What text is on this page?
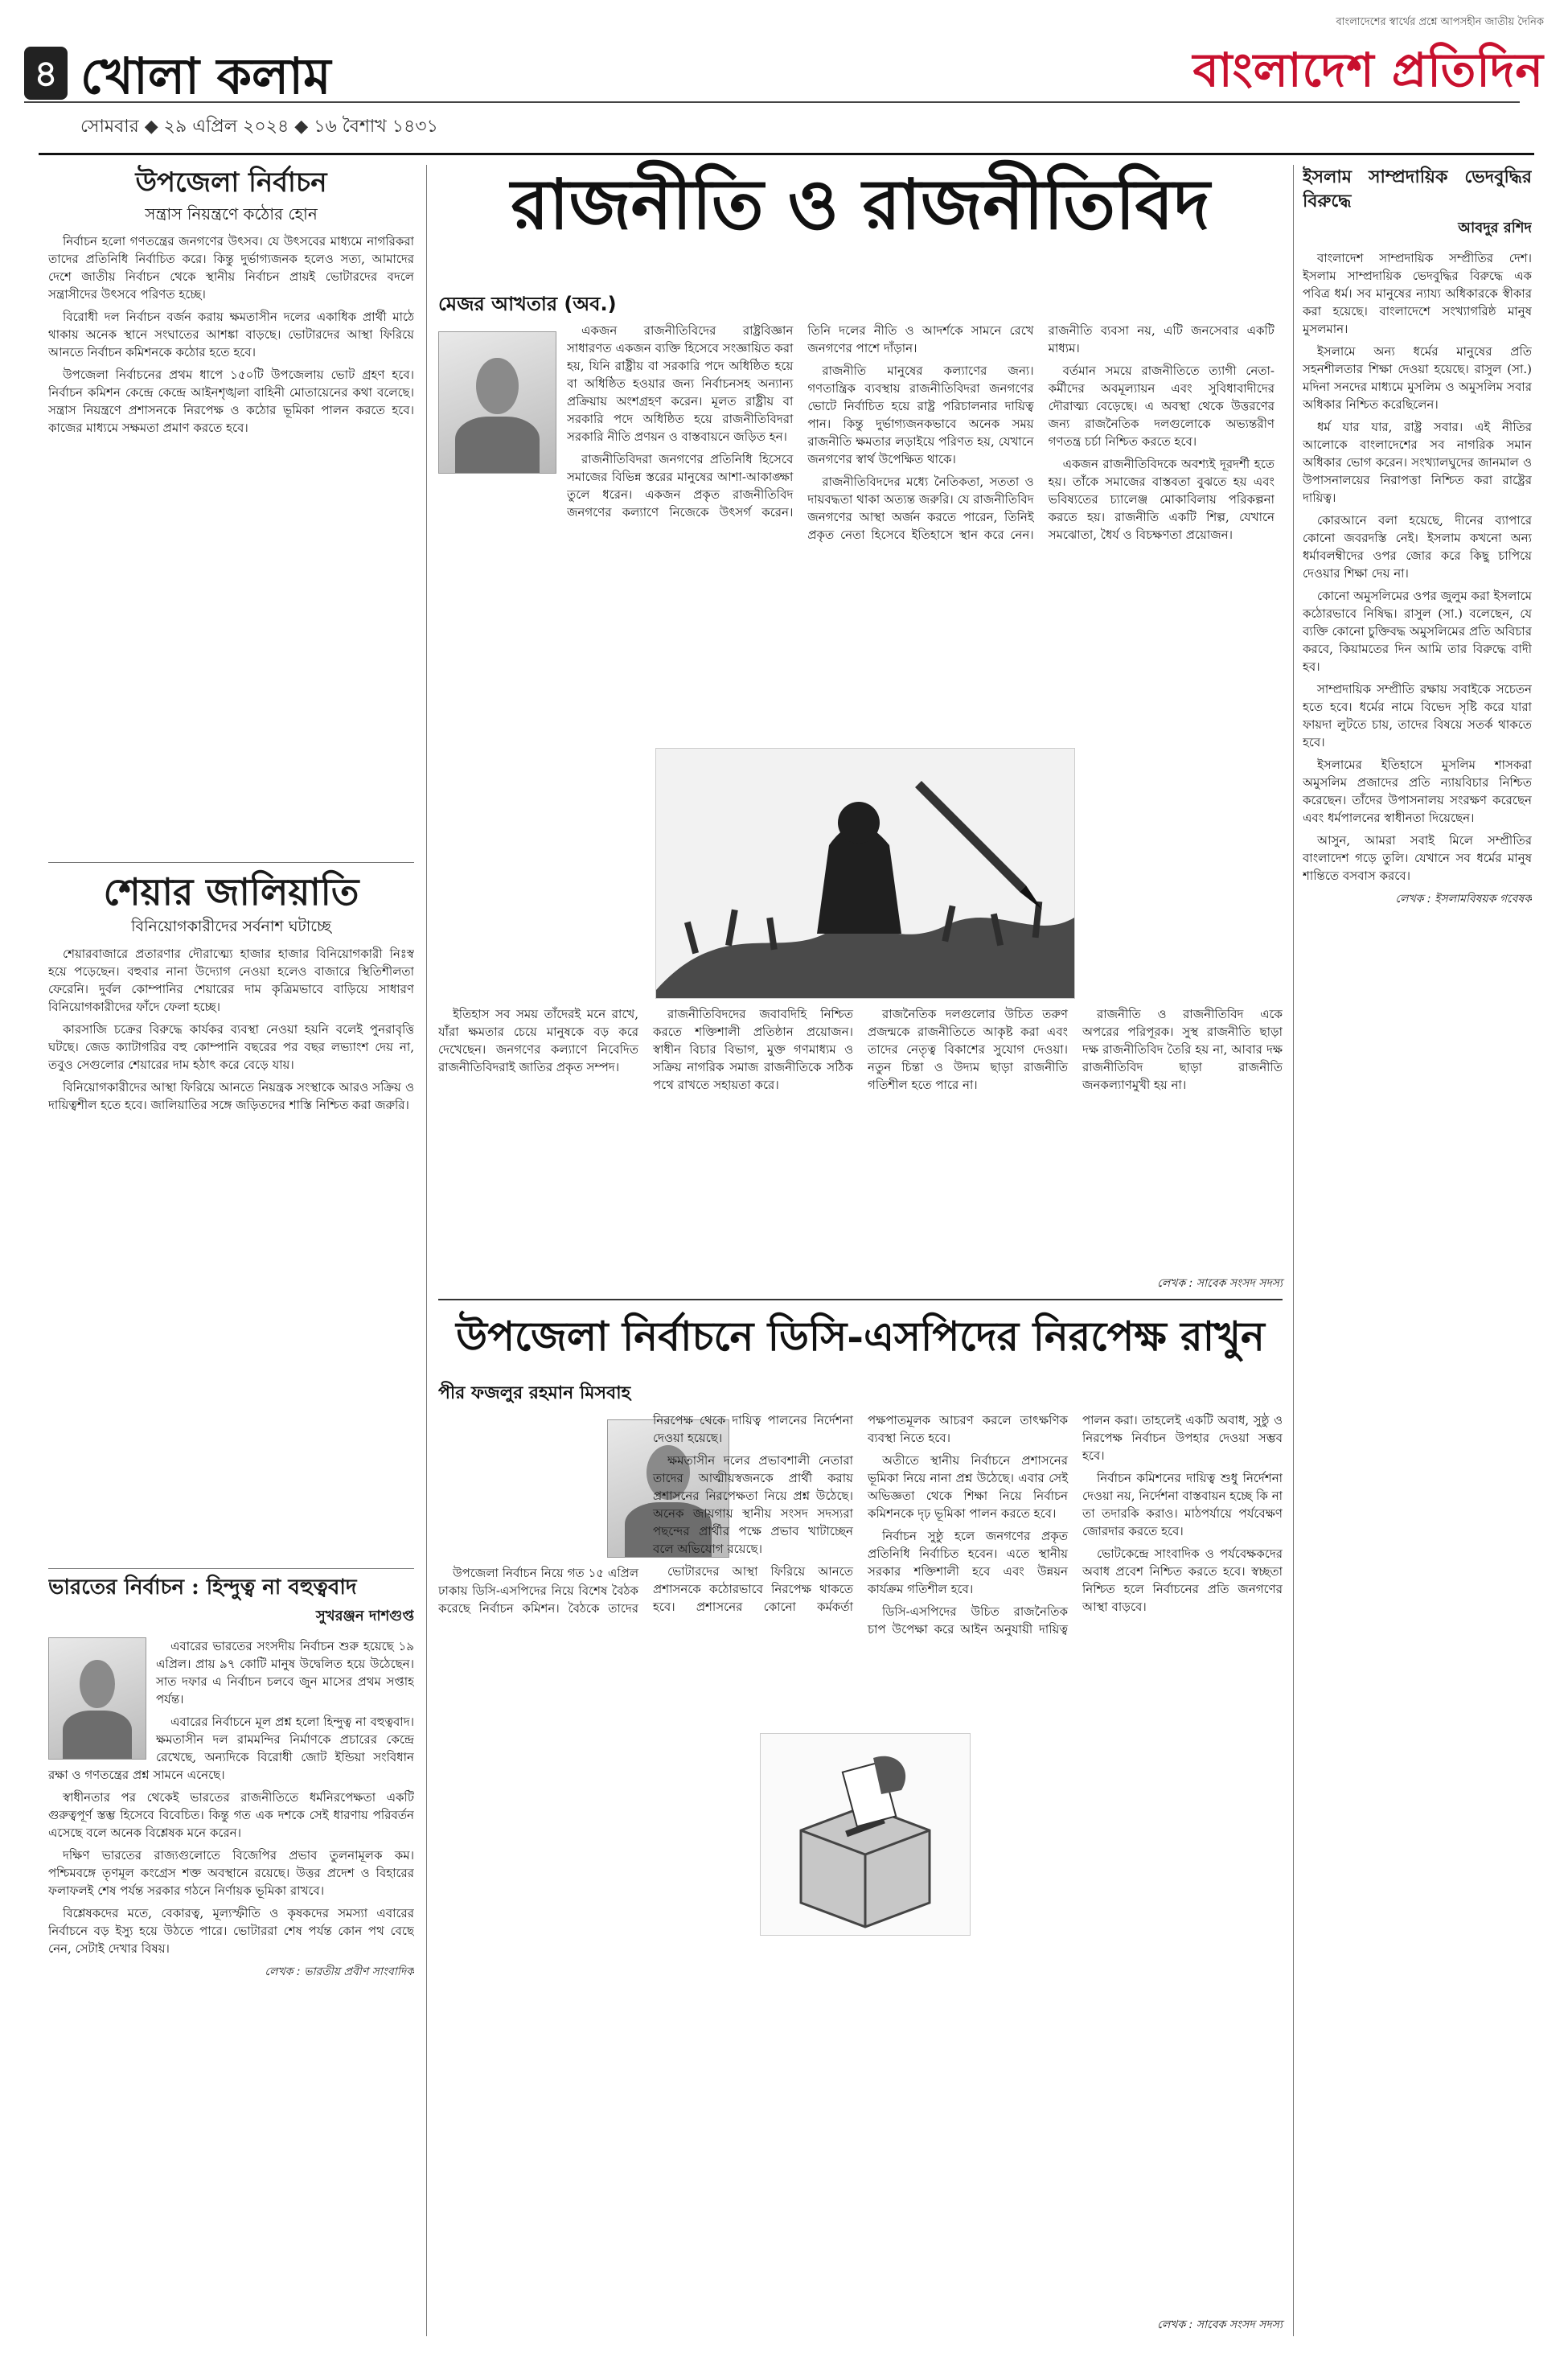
৪ খোলা কলাম
সোমবার ◆ ২৯ এপ্রিল ২০২৪ ◆ ১৬ বৈশাখ ১৪৩১
বাংলাদেশের স্বার্থের প্রশ্নে আপসহীন জাতীয় দৈনিক
বাংলাদেশ প্রতিদিন
উপজেলা নির্বাচন
সন্ত্রাস নিয়ন্ত্রণে কঠোর হোন

নির্বাচন হলো গণতন্ত্রের জনগণের উৎসব। যে উৎসবের মাধ্যমে নাগরিকরা তাদের প্রতিনিধি নির্বাচিত করে। কিন্তু দুর্ভাগ্যজনক হলেও সত্য, আমাদের দেশে জাতীয় নির্বাচন থেকে স্থানীয় নির্বাচন প্রায়ই ভোটারদের বদলে সন্ত্রাসীদের উৎসবে পরিণত হচ্ছে।

বিরোধী দল নির্বাচন বর্জন করায় ক্ষমতাসীন দলের একাধিক প্রার্থী মাঠে থাকায় অনেক স্থানে সংঘাতের আশঙ্কা বাড়ছে। ভোটারদের আস্থা ফিরিয়ে আনতে নির্বাচন কমিশনকে কঠোর হতে হবে।

উপজেলা নির্বাচনের প্রথম ধাপে ১৫০টি উপজেলায় ভোট গ্রহণ হবে। নির্বাচন কমিশন কেন্দ্রে কেন্দ্রে আইনশৃঙ্খলা বাহিনী মোতায়েনের কথা বলেছে। সন্ত্রাস নিয়ন্ত্রণে প্রশাসনকে নিরপেক্ষ ও কঠোর ভূমিকা পালন করতে হবে। কাজের মাধ্যমে সক্ষমতা প্রমাণ করতে হবে।

শেয়ার জালিয়াতি
বিনিয়োগকারীদের সর্বনাশ ঘটাচ্ছে

শেয়ারবাজারে প্রতারণার দৌরাত্ম্যে হাজার হাজার বিনিয়োগকারী নিঃস্ব হয়ে পড়েছেন। বহুবার নানা উদ্যোগ নেওয়া হলেও বাজারে স্থিতিশীলতা ফেরেনি। দুর্বল কোম্পানির শেয়ারের দাম কৃত্রিমভাবে বাড়িয়ে সাধারণ বিনিয়োগকারীদের ফাঁদে ফেলা হচ্ছে।

কারসাজি চক্রের বিরুদ্ধে কার্যকর ব্যবস্থা নেওয়া হয়নি বলেই পুনরাবৃত্তি ঘটছে। জেড ক্যাটাগরির বহু কোম্পানি বছরের পর বছর লভ্যাংশ দেয় না, তবুও সেগুলোর শেয়ারের দাম হঠাৎ করে বেড়ে যায়।

বিনিয়োগকারীদের আস্থা ফিরিয়ে আনতে নিয়ন্ত্রক সংস্থাকে আরও সক্রিয় ও দায়িত্বশীল হতে হবে। জালিয়াতির সঙ্গে জড়িতদের শাস্তি নিশ্চিত করা জরুরি।

ভারতের নির্বাচন : হিন্দুত্ব না বহুত্ববাদ
সুখরঞ্জন দাশগুপ্ত

এবারের ভারতের সংসদীয় নির্বাচন শুরু হয়েছে ১৯ এপ্রিল। প্রায় ৯৭ কোটি মানুষ উদ্বেলিত হয়ে উঠেছেন। সাত দফার এ নির্বাচন চলবে জুন মাসের প্রথম সপ্তাহ পর্যন্ত।

এবারের নির্বাচনে মূল প্রশ্ন হলো হিন্দুত্ব না বহুত্ববাদ। ক্ষমতাসীন দল রামমন্দির নির্মাণকে প্রচারের কেন্দ্রে রেখেছে, অন্যদিকে বিরোধী জোট ইন্ডিয়া সংবিধান রক্ষা ও গণতন্ত্রের প্রশ্ন সামনে এনেছে।

স্বাধীনতার পর থেকেই ভারতের রাজনীতিতে ধর্মনিরপেক্ষতা একটি গুরুত্বপূর্ণ স্তম্ভ হিসেবে বিবেচিত। কিন্তু গত এক দশকে সেই ধারণায় পরিবর্তন এসেছে বলে অনেক বিশ্লেষক মনে করেন।

দক্ষিণ ভারতের রাজ্যগুলোতে বিজেপির প্রভাব তুলনামূলক কম। পশ্চিমবঙ্গে তৃণমূল কংগ্রেস শক্ত অবস্থানে রয়েছে। উত্তর প্রদেশ ও বিহারের ফলাফলই শেষ পর্যন্ত সরকার গঠনে নির্ণায়ক ভূমিকা রাখবে।

বিশ্লেষকদের মতে, বেকারত্ব, মূল্যস্ফীতি ও কৃষকদের সমস্যা এবারের নির্বাচনে বড় ইস্যু হয়ে উঠতে পারে। ভোটাররা শেষ পর্যন্ত কোন পথ বেছে নেন, সেটাই দেখার বিষয়।

লেখক : ভারতীয় প্রবীণ সাংবাদিক
রাজনীতি ও রাজনীতিবিদ
মেজর আখতার (অব.)

একজন রাজনীতিবিদের রাষ্ট্রবিজ্ঞান সাধারণত একজন ব্যক্তি হিসেবে সংজ্ঞায়িত করা হয়, যিনি রাষ্ট্রীয় বা সরকারি পদে অধিষ্ঠিত হয়ে বা অধিষ্ঠিত হওয়ার জন্য নির্বাচনসহ অন্যান্য প্রক্রিয়ায় অংশগ্রহণ করেন। মূলত রাষ্ট্রীয় বা সরকারি পদে অধিষ্ঠিত হয়ে রাজনীতিবিদরা সরকারি নীতি প্রণয়ন ও বাস্তবায়নে জড়িত হন।

রাজনীতিবিদরা জনগণের প্রতিনিধি হিসেবে সমাজের বিভিন্ন স্তরের মানুষের আশা-আকাঙ্ক্ষা তুলে ধরেন। একজন প্রকৃত রাজনীতিবিদ জনগণের কল্যাণে নিজেকে উৎসর্গ করেন। তিনি দলের নীতি ও আদর্শকে সামনে রেখে জনগণের পাশে দাঁড়ান।

রাজনীতি মানুষের কল্যাণের জন্য। গণতান্ত্রিক ব্যবস্থায় রাজনীতিবিদরা জনগণের ভোটে নির্বাচিত হয়ে রাষ্ট্র পরিচালনার দায়িত্ব পান। কিন্তু দুর্ভাগ্যজনকভাবে অনেক সময় রাজনীতি ক্ষমতার লড়াইয়ে পরিণত হয়, যেখানে জনগণের স্বার্থ উপেক্ষিত থাকে।

রাজনীতিবিদদের মধ্যে নৈতিকতা, সততা ও দায়বদ্ধতা থাকা অত্যন্ত জরুরি। যে রাজনীতিবিদ জনগণের আস্থা অর্জন করতে পারেন, তিনিই প্রকৃত নেতা হিসেবে ইতিহাসে স্থান করে নেন। রাজনীতি ব্যবসা নয়, এটি জনসেবার একটি মাধ্যম।

বর্তমান সময়ে রাজনীতিতে ত্যাগী নেতা-কর্মীদের অবমূল্যায়ন এবং সুবিধাবাদীদের দৌরাত্ম্য বেড়েছে। এ অবস্থা থেকে উত্তরণের জন্য রাজনৈতিক দলগুলোকে অভ্যন্তরীণ গণতন্ত্র চর্চা নিশ্চিত করতে হবে।

একজন রাজনীতিবিদকে অবশ্যই দূরদর্শী হতে হয়। তাঁকে সমাজের বাস্তবতা বুঝতে হয় এবং ভবিষ্যতের চ্যালেঞ্জ মোকাবিলায় পরিকল্পনা করতে হয়। রাজনীতি একটি শিল্প, যেখানে সমঝোতা, ধৈর্য ও বিচক্ষণতা প্রয়োজন।

ইতিহাস সব সময় তাঁদেরই মনে রাখে, যাঁরা ক্ষমতার চেয়ে মানুষকে বড় করে দেখেছেন। জনগণের কল্যাণে নিবেদিত রাজনীতিবিদরাই জাতির প্রকৃত সম্পদ।

রাজনীতিবিদদের জবাবদিহি নিশ্চিত করতে শক্তিশালী প্রতিষ্ঠান প্রয়োজন। স্বাধীন বিচার বিভাগ, মুক্ত গণমাধ্যম ও সক্রিয় নাগরিক সমাজ রাজনীতিকে সঠিক পথে রাখতে সহায়তা করে।

রাজনৈতিক দলগুলোর উচিত তরুণ প্রজন্মকে রাজনীতিতে আকৃষ্ট করা এবং তাদের নেতৃত্ব বিকাশের সুযোগ দেওয়া। নতুন চিন্তা ও উদ্যম ছাড়া রাজনীতি গতিশীল হতে পারে না।

রাজনীতি ও রাজনীতিবিদ একে অপরের পরিপূরক। সুস্থ রাজনীতি ছাড়া দক্ষ রাজনীতিবিদ তৈরি হয় না, আবার দক্ষ রাজনীতিবিদ ছাড়া রাজনীতি জনকল্যাণমুখী হয় না।

লেখক : সাবেক সংসদ সদস্য
উপজেলা নির্বাচনে ডিসি-এসপিদের নিরপেক্ষ রাখুন
পীর ফজলুর রহমান মিসবাহ

উপজেলা নির্বাচন নিয়ে গত ১৫ এপ্রিল ঢাকায় ডিসি-এসপিদের নিয়ে বিশেষ বৈঠক করেছে নির্বাচন কমিশন। বৈঠকে তাদের নিরপেক্ষ থেকে দায়িত্ব পালনের নির্দেশনা দেওয়া হয়েছে।

ক্ষমতাসীন দলের প্রভাবশালী নেতারা তাদের আত্মীয়স্বজনকে প্রার্থী করায় প্রশাসনের নিরপেক্ষতা নিয়ে প্রশ্ন উঠেছে। অনেক জায়গায় স্থানীয় সংসদ সদস্যরা পছন্দের প্রার্থীর পক্ষে প্রভাব খাটাচ্ছেন বলে অভিযোগ রয়েছে।

ভোটারদের আস্থা ফিরিয়ে আনতে প্রশাসনকে কঠোরভাবে নিরপেক্ষ থাকতে হবে। প্রশাসনের কোনো কর্মকর্তা পক্ষপাতমূলক আচরণ করলে তাৎক্ষণিক ব্যবস্থা নিতে হবে।

অতীতে স্থানীয় নির্বাচনে প্রশাসনের ভূমিকা নিয়ে নানা প্রশ্ন উঠেছে। এবার সেই অভিজ্ঞতা থেকে শিক্ষা নিয়ে নির্বাচন কমিশনকে দৃঢ় ভূমিকা পালন করতে হবে।

নির্বাচন সুষ্ঠু হলে জনগণের প্রকৃত প্রতিনিধি নির্বাচিত হবেন। এতে স্থানীয় সরকার শক্তিশালী হবে এবং উন্নয়ন কার্যক্রম গতিশীল হবে।

ডিসি-এসপিদের উচিত রাজনৈতিক চাপ উপেক্ষা করে আইন অনুযায়ী দায়িত্ব পালন করা। তাহলেই একটি অবাধ, সুষ্ঠু ও নিরপেক্ষ নির্বাচন উপহার দেওয়া সম্ভব হবে।

নির্বাচন কমিশনের দায়িত্ব শুধু নির্দেশনা দেওয়া নয়, নির্দেশনা বাস্তবায়ন হচ্ছে কি না তা তদারকি করাও। মাঠপর্যায়ে পর্যবেক্ষণ জোরদার করতে হবে।

ভোটকেন্দ্রে সাংবাদিক ও পর্যবেক্ষকদের অবাধ প্রবেশ নিশ্চিত করতে হবে। স্বচ্ছতা নিশ্চিত হলে নির্বাচনের প্রতি জনগণের আস্থা বাড়বে।

লেখক : সাবেক সংসদ সদস্য
ইসলাম সাম্প্রদায়িক ভেদবুদ্ধির বিরুদ্ধে
আবদুর রশিদ

বাংলাদেশ সাম্প্রদায়িক সম্প্রীতির দেশ। ইসলাম সাম্প্রদায়িক ভেদবুদ্ধির বিরুদ্ধে এক পবিত্র ধর্ম। সব মানুষের ন্যায্য অধিকারকে স্বীকার করা হয়েছে। বাংলাদেশে সংখ্যাগরিষ্ঠ মানুষ মুসলমান।

ইসলামে অন্য ধর্মের মানুষের প্রতি সহনশীলতার শিক্ষা দেওয়া হয়েছে। রাসুল (সা.) মদিনা সনদের মাধ্যমে মুসলিম ও অমুসলিম সবার অধিকার নিশ্চিত করেছিলেন।

ধর্ম যার যার, রাষ্ট্র সবার। এই নীতির আলোকে বাংলাদেশের সব নাগরিক সমান অধিকার ভোগ করেন। সংখ্যালঘুদের জানমাল ও উপাসনালয়ের নিরাপত্তা নিশ্চিত করা রাষ্ট্রের দায়িত্ব।

কোরআনে বলা হয়েছে, দীনের ব্যাপারে কোনো জবরদস্তি নেই। ইসলাম কখনো অন্য ধর্মাবলম্বীদের ওপর জোর করে কিছু চাপিয়ে দেওয়ার শিক্ষা দেয় না।

কোনো অমুসলিমের ওপর জুলুম করা ইসলামে কঠোরভাবে নিষিদ্ধ। রাসুল (সা.) বলেছেন, যে ব্যক্তি কোনো চুক্তিবদ্ধ অমুসলিমের প্রতি অবিচার করবে, কিয়ামতের দিন আমি তার বিরুদ্ধে বাদী হব।

সাম্প্রদায়িক সম্প্রীতি রক্ষায় সবাইকে সচেতন হতে হবে। ধর্মের নামে বিভেদ সৃষ্টি করে যারা ফায়দা লুটতে চায়, তাদের বিষয়ে সতর্ক থাকতে হবে।

ইসলামের ইতিহাসে মুসলিম শাসকরা অমুসলিম প্রজাদের প্রতি ন্যায়বিচার নিশ্চিত করেছেন। তাঁদের উপাসনালয় সংরক্ষণ করেছেন এবং ধর্মপালনের স্বাধীনতা দিয়েছেন।

আসুন, আমরা সবাই মিলে সম্প্রীতির বাংলাদেশ গড়ে তুলি। যেখানে সব ধর্মের মানুষ শান্তিতে বসবাস করবে।

লেখক : ইসলামবিষয়ক গবেষক
